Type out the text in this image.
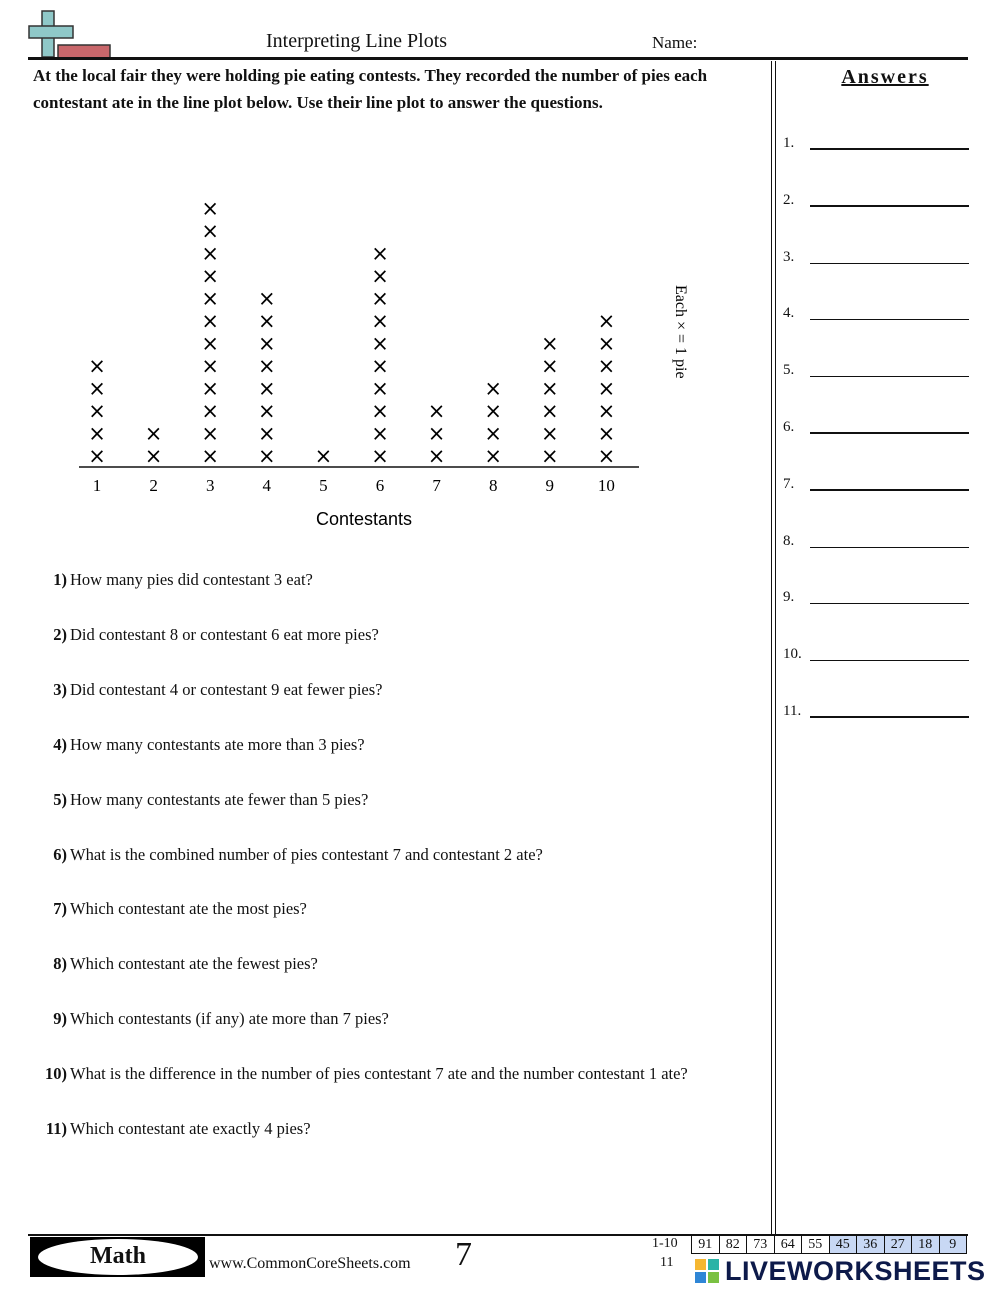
Interpreting Line Plots	Name:
At the local fair they were holding pie eating contests. They recorded the number of pies each contestant ate in the line plot below. Use their line plot to answer the questions.
×
×
×
×
×
×
×
×
×
×
×
×
×
×
×
×
×
×
×
×
×
×
×
×
×
×
×
× ×
×
×
×
×
×
×
×
×
×
×
×
×
×
×
×
×
×
×
×
×
×
×
×
×
×
×
×
×
×
1	2	3	4	5	6	7	8	9	10
Contestants
Each × = 1 pie
1) How many pies did contestant 3 eat?
2) Did contestant 8 or contestant 6 eat more pies?
3) Did contestant 4 or contestant 9 eat fewer pies?
4) How many contestants ate more than 3 pies?
5) How many contestants ate fewer than 5 pies?
6) What is the combined number of pies contestant 7 and contestant 2 ate?
7) Which contestant ate the most pies?
8) Which contestant ate the fewest pies?
9) Which contestants (if any) ate more than 7 pies?
10) What is the difference in the number of pies contestant 7 ate and the number contestant 1 ate?
11) Which contestant ate exactly 4 pies?
Answers
1.
2.
3.
4.
5.
6.
7.
8.
9.
10.
11.
Math	www.CommonCoreSheets.com 7	1-10
11
91	82	73	64	55	45	36	27	18	9
LIVEWORKSHEETS
